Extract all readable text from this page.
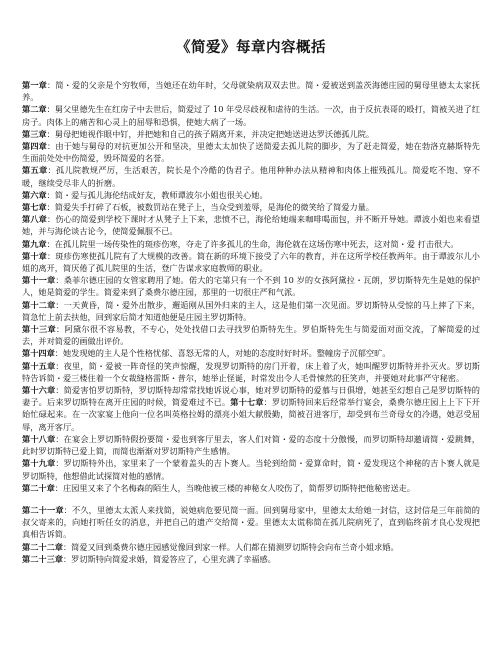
《简爱》每章内容概括

第一章：简・爱的父亲是个穷牧师，当她还在幼年时，父母就染病双双去世。简・爱被送到盖茨海德庄园的舅母里德太太家抚养。

第二章：舅父里德先生在红房子中去世后，简爱过了 10 年受尽歧视和虐待的生活。一次，由于反抗表哥的殴打，简被关进了红房子。肉体上的痛苦和心灵上的屈辱和恐惧，使她大病了一场。

第三章：舅母把她视作眼中钉，并把她和自己的孩子隔离开来，并决定把她送进达罗沃德孤儿院。

第四章：由于她与舅母的对抗更加公开和坚决，里德太太加快了送简爱去孤儿院的脚步，为了赶走简爱，她在勃洛克赫斯特先生面前处处中伤简爱，毁坏简爱的名誉。

第五章：孤儿院教规严厉，生活艰苦，院长是个冷酷的伪君子。他用种种办法从精神和肉体上摧残孤儿。简爱吃不饱、穿不暖，继续受尽非人的折磨。

第六章：简・爱与孤儿海伦结成好友，教师谭波尔小姐也很关心她。

第七章：简爱失手打碎了石板，被数罚站在凳子上，当众受到羞辱，是海伦的微笑给了简爱力量。

第八章：伤心的简爱到学校下课时才从凳子上下来，悲愤不已，海伦给她端来咖啡喝面包，并不断开导她。谭波小姐也来看望她，并与海伦谈古论今，使简爱佩服不已。

第九章：在孤儿院里一场传染性的斑疹伤寒，夺走了许多孤儿的生命，海伦就在这场伤寒中死去，这对简・爱 打击很大。

第十章：斑疹伤寒使孤儿院有了大规模的改善。简在新的环境下接受了六年的教育，并在这所学校任教两年。由于谭波尔儿小姐的离开，简厌倦了孤儿院里的生活，登广告谋求家庭教师的职业。

第十一章：桑菲尔德庄园的女管家聘用了她。偌大的宅第只有一个不到 10 岁的女孩阿黛拉・瓦朗，罗切斯特先生是她的保护人，她是简爱的学生。简爱来到了桑费尔德庄园，那里的一切很庄严和气派。

第十二章：一天黄昏，简・爱外出散步，邂逅刚从国外归来的主人，这是他们第一次见面。罗切斯特从受惊的马上摔了下来，简急忙上前去扶他，回到家后简才知道他便是庄园主罗切斯特。

第十三章：阿黛尔很不容易教，不专心，处处找借口去寻找罗伯斯特先生。罗伯斯特先生与简爱面对面交流，了解简爱的过去，并对简爱的画做出评价。

第十四章：她发现她的主人是个性格忧郁、喜怒无常的人，对她的态度时好时坏。整幢房子沉郁空旷。

第十五章：夜里，简・爱被一阵奇怪的笑声惊醒，发现罗切斯特的房门开着，床上着了火，她叫醒罗切斯特并扑灭火。罗切斯特告诉简・爱三楼住着一个女裁缝格雷斯・普尔，她举止怪诞，时常发出令人毛骨悚然的狂笑声，并要她对此事严守秘密。

第十六章：简爱害怕罗切斯特，罗切斯特却常常找她诉说心事，她对罗切斯特的爱慕与日俱增，她甚至幻想自己是罗切斯特的妻子。后来罗切斯特在离开庄园的时候，简爱难过不已。第十七章：罗切斯特回来后经常举行宴会，桑费尔德庄园上上下下开始忙碌起来。在一次家宴上他向一位名叫英格拉姆的漂亮小姐大献殷勤，简被召进客厅，却受到布兰奇母女的冷遇，她忍受屈辱，离开客厅。

第十八章：在宴会上罗切斯特假扮要简・爱也到客厅里去，客人们对简・爱的态度十分傲慢，而罗切斯特却邀请简・爱跳舞，此时罗切斯特已爱上简，而简也渐渐对罗切斯特产生感情。

第十九章：罗切斯特外出，家里来了一个蒙着盖头的吉卜赛人。当轮到给简・爱算命时，简・爱发现这个神秘的吉卜赛人就是罗切斯特，他想借此试探简对他的感情。

第二十章：庄园里又来了个名梅森的陌生人，当晚他被三楼的神秘女人咬伤了，简帮罗切斯特把他秘密送走。

第二十一章：不久，里德太太派人来找简，说她病危要见简一面。回到舅母家中，里德太太给她一封信，这封信是三年前简的叔父寄来的，向她打听任女的消息，并把自己的遗产交给简・爱。里德太太谎称简在孤儿院病死了，直到临终前才良心发现把真相告诉简。

第二十二章：简爱又回到桑费尔德庄园感觉像回到家一样。人们都在猜测罗切斯特会向布兰奇小姐求婚。

第二十三章：罗切斯特向简爱求婚，简爱答应了，心里充满了幸福感。
